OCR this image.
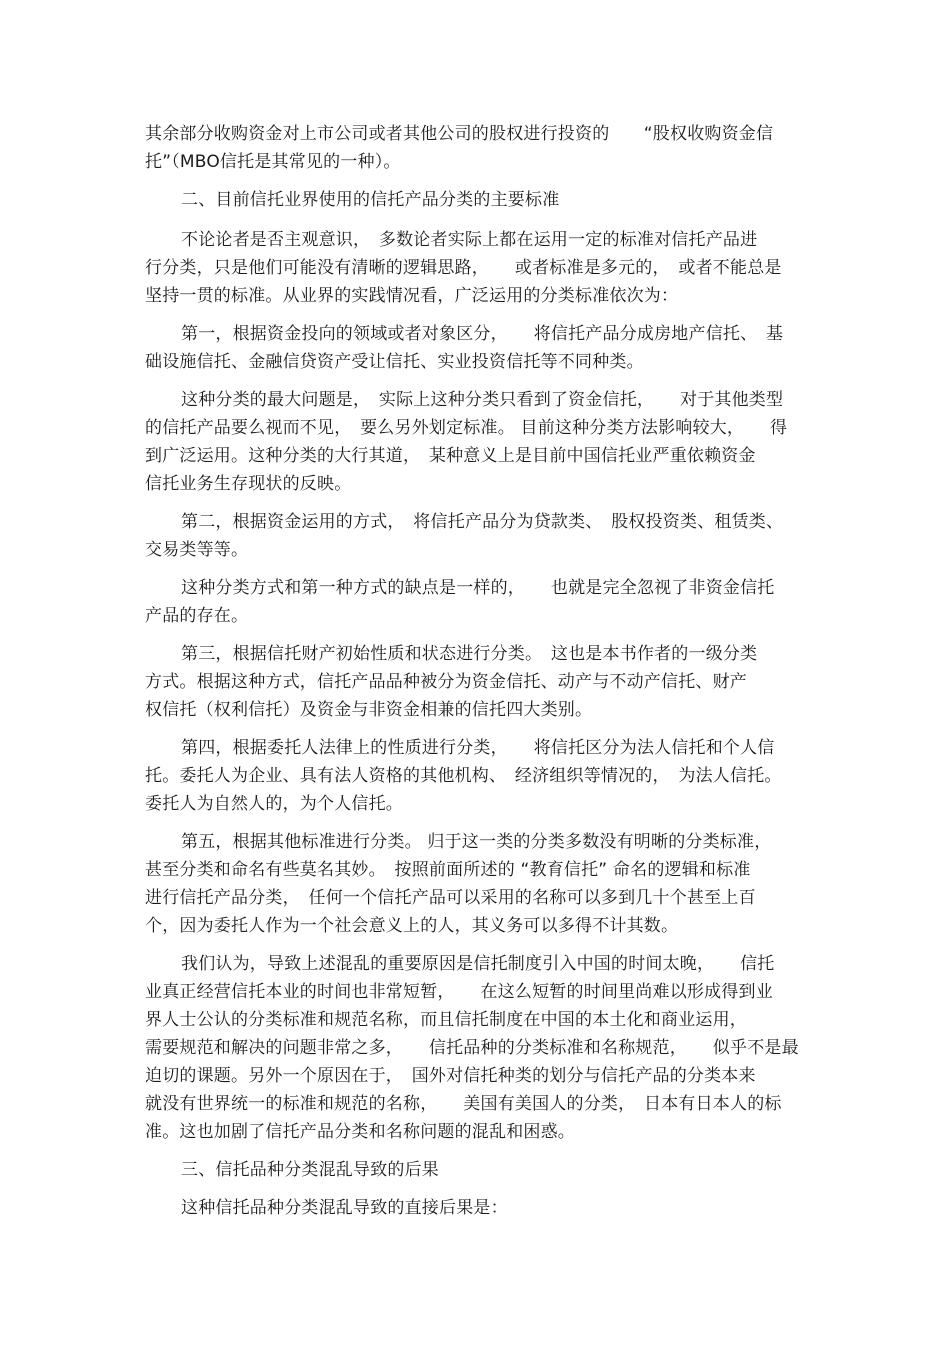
其余部分收购资金对上市公司或者其他公司的股权进行投资的　　“股权收购资金信
托”（MBO信托是其常见的一种）。
二、目前信托业界使用的信托产品分类的主要标准
不论论者是否主观意识，　多数论者实际上都在运用一定的标准对信托产品进
行分类，只是他们可能没有清晰的逻辑思路，　　或者标准是多元的，　或者不能总是
坚持一贯的标准。从业界的实践情况看，广泛运用的分类标准依次为：
第一，根据资金投向的领域或者对象区分，　　将信托产品分成房地产信托、　基
础设施信托、金融信贷资产受让信托、实业投资信托等不同种类。
这种分类的最大问题是，　实际上这种分类只看到了资金信托，　　对于其他类型
的信托产品要么视而不见，　要么另外划定标准。 目前这种分类方法影响较大，　　得
到广泛运用。这种分类的大行其道，　某种意义上是目前中国信托业严重依赖资金
信托业务生存现状的反映。
第二，根据资金运用的方式，　将信托产品分为贷款类、　股权投资类、租赁类、
交易类等等。
这种分类方式和第一种方式的缺点是一样的，　　也就是完全忽视了非资金信托
产品的存在。
第三，根据信托财产初始性质和状态进行分类。　这也是本书作者的一级分类
方式。根据这种方式，信托产品品种被分为资金信托、动产与不动产信托、财产
权信托（权利信托）及资金与非资金相兼的信托四大类别。
第四，根据委托人法律上的性质进行分类，　　将信托区分为法人信托和个人信
托。委托人为企业、具有法人资格的其他机构、　经济组织等情况的，　为法人信托。
委托人为自然人的，为个人信托。
第五，根据其他标准进行分类。 归于这一类的分类多数没有明晰的分类标准，
甚至分类和命名有些莫名其妙。　按照前面所述的 “教育信托” 命名的逻辑和标准
进行信托产品分类，　任何一个信托产品可以采用的名称可以多到几十个甚至上百
个，因为委托人作为一个社会意义上的人，其义务可以多得不计其数。
我们认为，导致上述混乱的重要原因是信托制度引入中国的时间太晚，　　信托
业真正经营信托本业的时间也非常短暂，　　在这么短暂的时间里尚难以形成得到业
界人士公认的分类标准和规范名称，而且信托制度在中国的本土化和商业运用，
需要规范和解决的问题非常之多，　　信托品种的分类标准和名称规范，　　似乎不是最
迫切的课题。另外一个原因在于，　国外对信托种类的划分与信托产品的分类本来
就没有世界统一的标准和规范的名称，　　美国有美国人的分类，　日本有日本人的标
准。这也加剧了信托产品分类和名称问题的混乱和困惑。
三、信托品种分类混乱导致的后果
这种信托品种分类混乱导致的直接后果是：
